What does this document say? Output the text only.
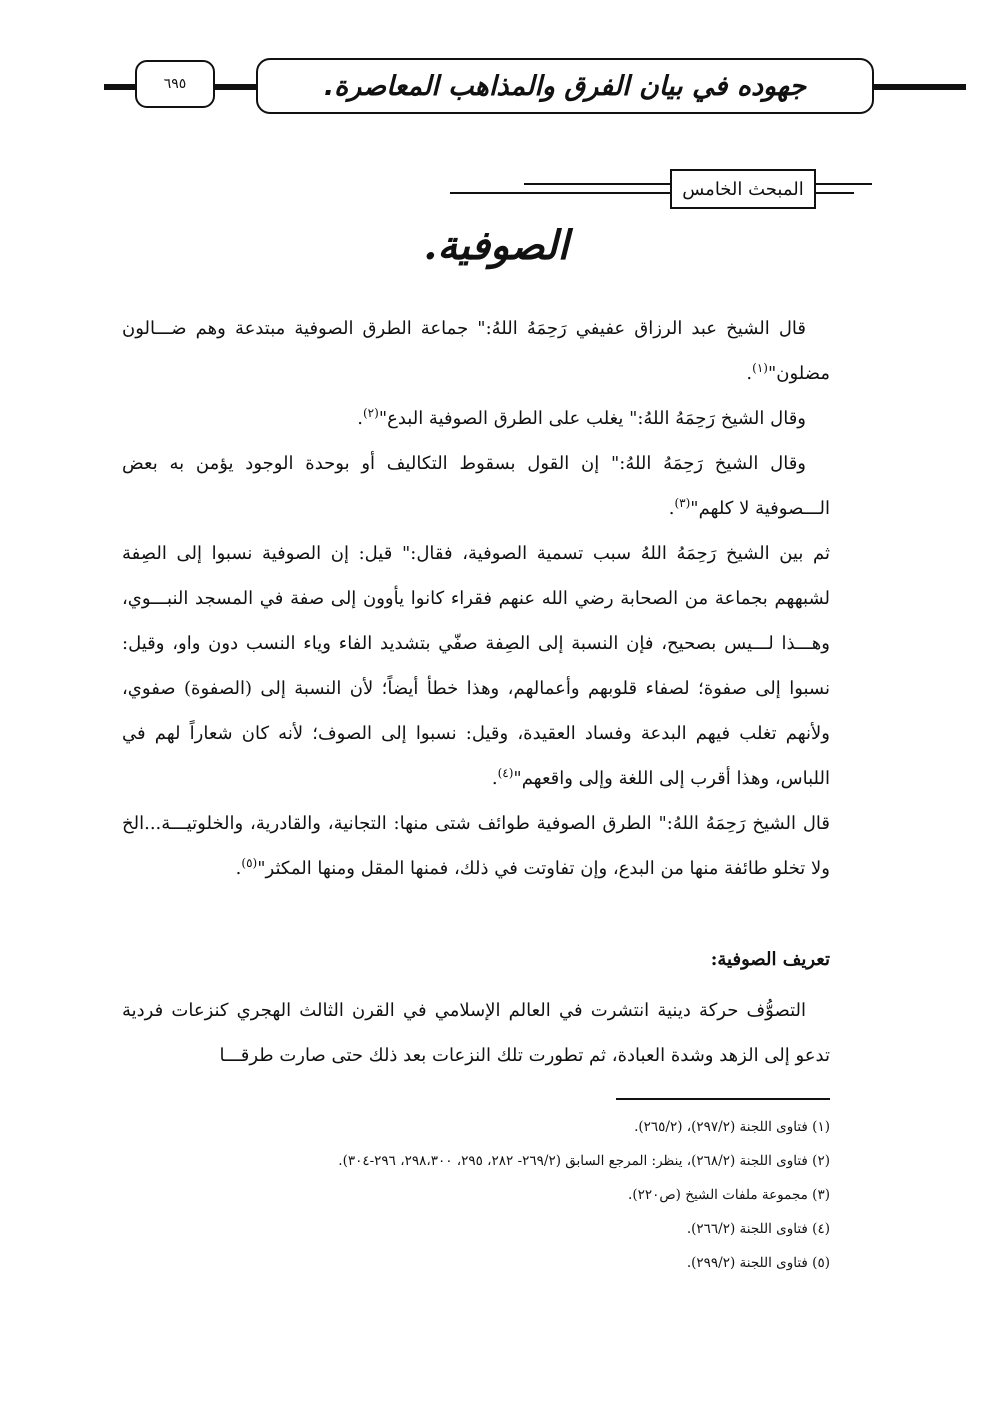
٦٩٥	جهوده في بيان الفرق والمذاهب المعاصرة.
المبحث الخامس
الصوفية.

قال الشيخ عبد الرزاق عفيفي رَحِمَهُ اللهُ:" جماعة الطرق الصوفية مبتدعة وهم ضـــالون مضلون"$^{(١)}$.

وقال الشيخ رَحِمَهُ اللهُ:" يغلب على الطرق الصوفية البدع"$^{(٢)}$.

وقال الشيخ رَحِمَهُ اللهُ:" إن القول بسقوط التكاليف أو بوحدة الوجود يؤمن به بعض الـــصوفية لا كلهم"$^{(٣)}$.

ثم بين الشيخ رَحِمَهُ اللهُ سبب تسمية الصوفية، فقال:" قيل: إن الصوفية نسبوا إلى الصِفة لشبههم بجماعة من الصحابة رضي الله عنهم فقراء كانوا يأوون إلى صفة في المسجد النبـــوي، وهـــذا لـــيس بصحيح، فإن النسبة إلى الصِفة صفّي بتشديد الفاء وياء النسب دون واو، وقيل: نسبوا إلى صفوة؛ لصفاء قلوبهم وأعمالهم، وهذا خطأ أيضاً؛ لأن النسبة إلى (الصفوة) صفوي، ولأنهم تغلب فيهم البدعة وفساد العقيدة، وقيل: نسبوا إلى الصوف؛ لأنه كان شعاراً لهم في اللباس، وهذا أقرب إلى اللغة وإلى واقعهم"$^{(٤)}$.

قال الشيخ رَحِمَهُ اللهُ:" الطرق الصوفية طوائف شتى منها: التجانية، والقادرية، والخلوتيـــة...الخ ولا تخلو طائفة منها من البدع، وإن تفاوتت في ذلك، فمنها المقل ومنها المكثر"$^{(٥)}$.

تعريف الصوفية:

التصوُّف حركة دينية انتشرت في العالم الإسلامي في القرن الثالث الهجري كنزعات فردية تدعو إلى الزهد وشدة العبادة، ثم تطورت تلك النزعات بعد ذلك حتى صارت طرقـــا

(١) فتاوى اللجنة (٢٩٧/٢)، (٢٦٥/٢).
(٢) فتاوى اللجنة (٢٦٨/٢)، ينظر: المرجع السابق (٢٦٩/٢- ٢٨٢، ٢٩٥، ٢٩٨،٣٠٠، ٢٩٦-٣٠٤).
(٣) مجموعة ملفات الشيخ (ص٢٢٠).
(٤) فتاوى اللجنة (٢٦٦/٢).
(٥) فتاوى اللجنة (٢٩٩/٢).
